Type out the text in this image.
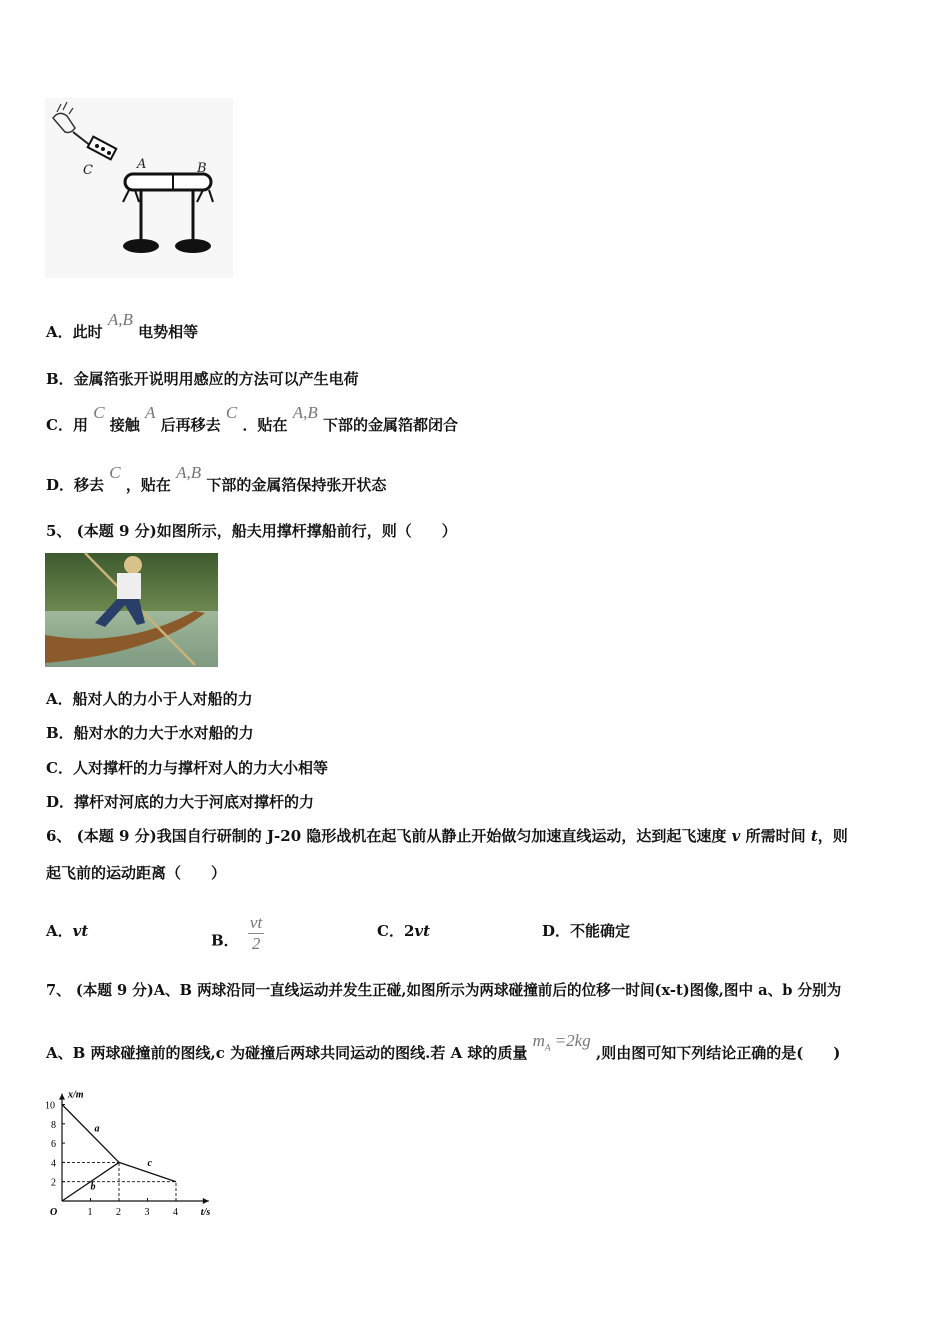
C	A	B
A．此时 A,B 电势相等
B．金属箔张开说明用感应的方法可以产生电荷
C．用 C 接触 A 后再移去 C ．贴在 A,B 下部的金属箔都闭合
D．移去 C ，贴在 A,B 下部的金属箔保持张开状态
5、 (本题 9 分)如图所示，船夫用撑杆撑船前行，则（　　）
A．船对人的力小于人对船的力
B．船对水的力大于水对船的力
C．人对撑杆的力与撑杆对人的力大小相等
D．撑杆对河底的力大于河底对撑杆的力
6、 (本题 9 分)我国自行研制的 J-20 隐形战机在起飞前从静止开始做匀加速直线运动，达到起飞速度 v 所需时间 t，则
起飞前的运动距离（　　）
A．vt
B． $\frac{vt}{2}$	C．2vt	D．不能确定
7、 (本题 9 分)A、B 两球沿同一直线运动并发生正碰,如图所示为两球碰撞前后的位移一时间(x-t)图像,图中 a、b 分别为
A、B 两球碰撞前的图线,c 为碰撞后两球共同运动的图线.若 A 球的质量 $m_A =2kg$ ,则由图可知下列结论正确的是(　　)
t/s
x/m
O	1 2 3 4
2
4
6
8
10
a
b
c
